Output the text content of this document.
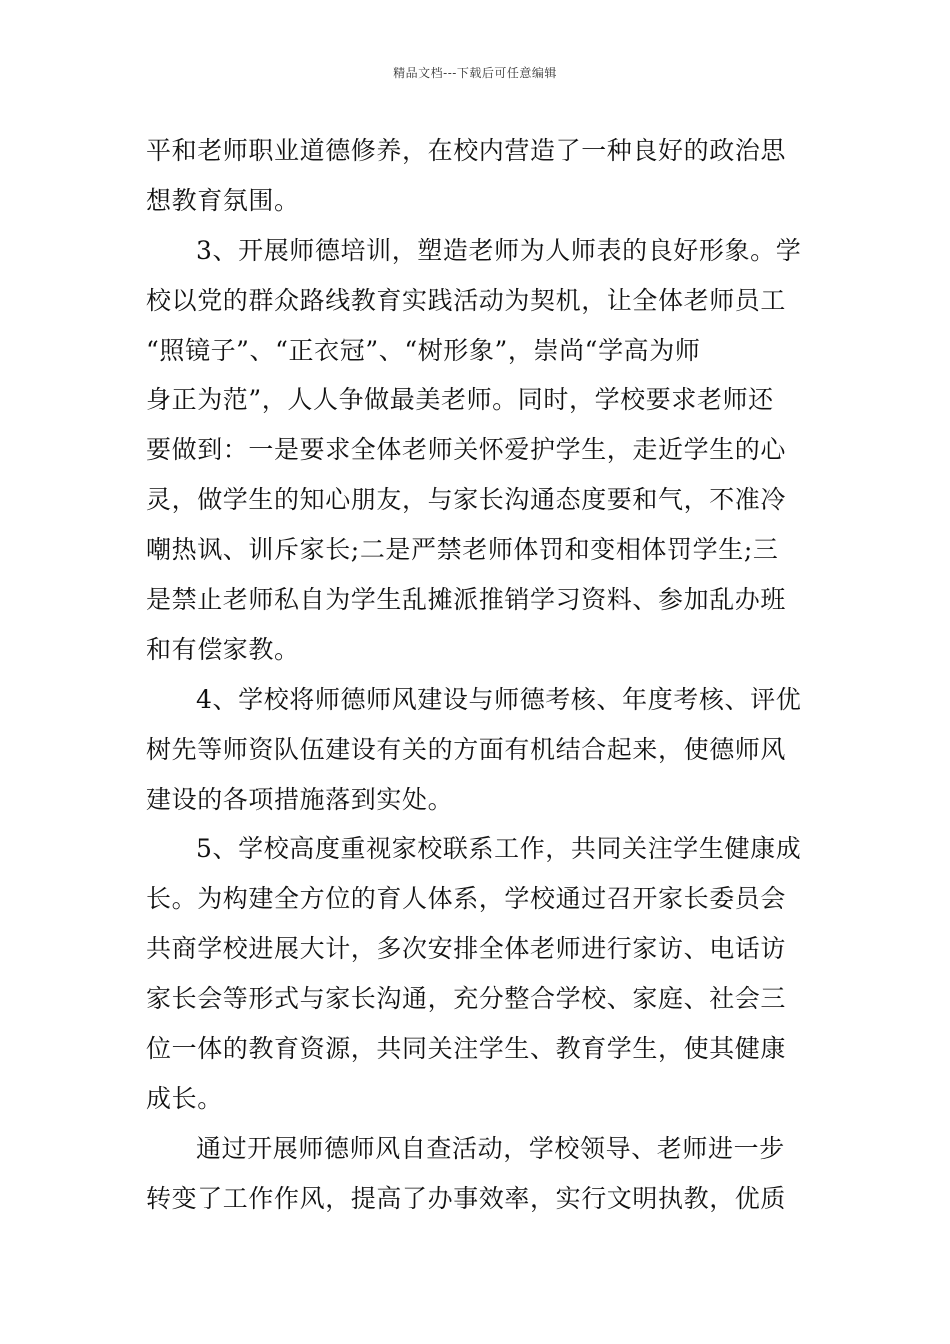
精品文档---下载后可任意编辑
平和老师职业道德修养，在校内营造了一种良好的政治思
想教育氛围。
3、开展师德培训，塑造老师为人师表的良好形象。学
校以党的群众路线教育实践活动为契机，让全体老师员工
“照镜子”、“正衣冠”、“树形象”，崇尚“学高为师
身正为范”，人人争做最美老师。同时，学校要求老师还
要做到：一是要求全体老师关怀爱护学生，走近学生的心
灵，做学生的知心朋友，与家长沟通态度要和气，不准冷
嘲热讽、训斥家长;二是严禁老师体罚和变相体罚学生;三
是禁止老师私自为学生乱摊派推销学习资料、参加乱办班
和有偿家教。
4、学校将师德师风建设与师德考核、年度考核、评优
树先等师资队伍建设有关的方面有机结合起来，使德师风
建设的各项措施落到实处。
5、学校高度重视家校联系工作，共同关注学生健康成
长。为构建全方位的育人体系，学校通过召开家长委员会
共商学校进展大计，多次安排全体老师进行家访、电话访
家长会等形式与家长沟通，充分整合学校、家庭、社会三
位一体的教育资源，共同关注学生、教育学生，使其健康
成长。
通过开展师德师风自查活动，学校领导、老师进一步
转变了工作作风，提高了办事效率，实行文明执教，优质
